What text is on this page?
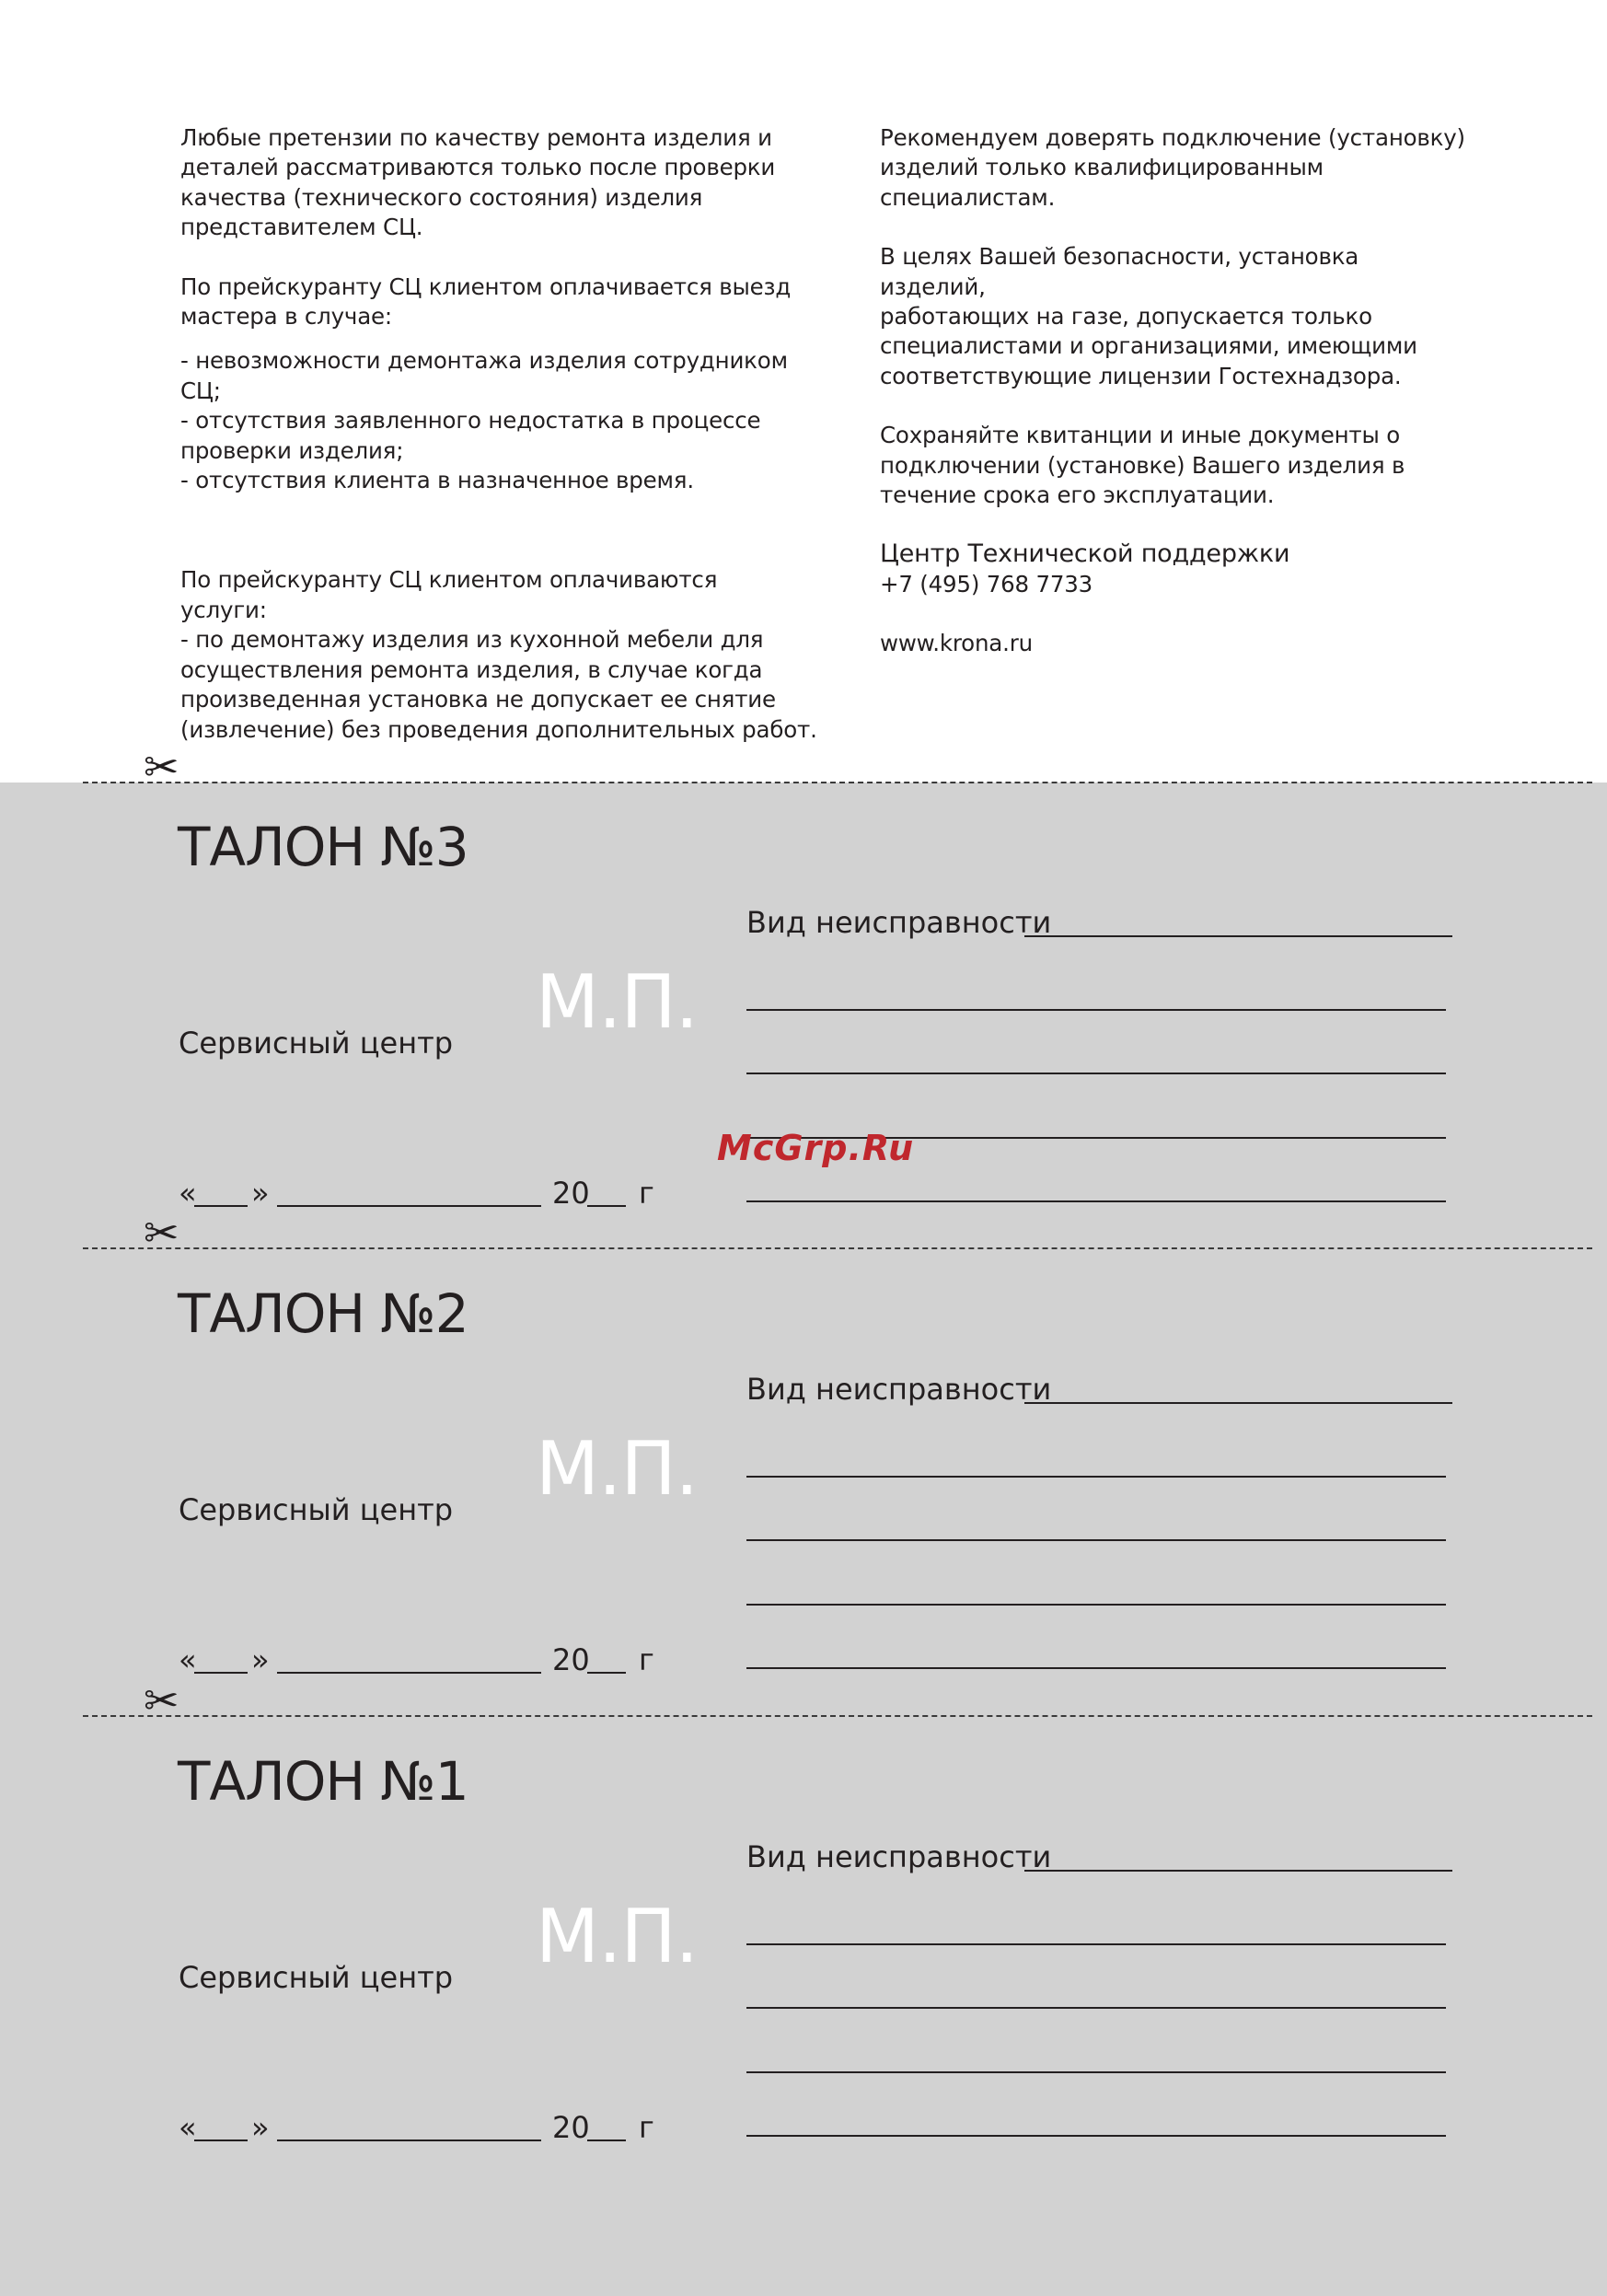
Любые претензии по качеству ремонта изделия и
деталей рассматриваются только после проверки
качества (технического состояния) изделия
представителем СЦ.

По прейскуранту СЦ клиентом оплачивается выезд
мастера в случае:

- невозможности демонтажа изделия сотрудником СЦ;
- отсутствия заявленного недостатка в процессе
проверки изделия;
- отсутствия клиента в назначенное время.

По прейскуранту СЦ клиентом оплачиваются
услуги:
- по демонтажу изделия из кухонной мебели для
осуществления ремонта изделия, в случае когда
произведенная установка не допускает ее снятие
(извлечение) без проведения дополнительных работ.

Рекомендуем доверять подключение (установку)
изделий только квалифицированным
специалистам.

В целях Вашей безопасности, установка изделий,
работающих на газе, допускается только
специалистами и организациями, имеющими
соответствующие лицензии Гостехнадзора.

Сохраняйте квитанции и иные документы о
подключении (установке) Вашего изделия в
течение срока его эксплуатации.

Центр Технической поддержки

+7 (495) 768 7733

www.krona.ru

✂
✂
✂
ТАЛОН №3
М.П.
Сервисный центр
Вид неисправности
« »	20 г
ТАЛОН №2
М.П.
Сервисный центр
Вид неисправности
« »	20 г
ТАЛОН №1
М.П.
Сервисный центр
Вид неисправности
« »	20 г
McGrp.Ru
